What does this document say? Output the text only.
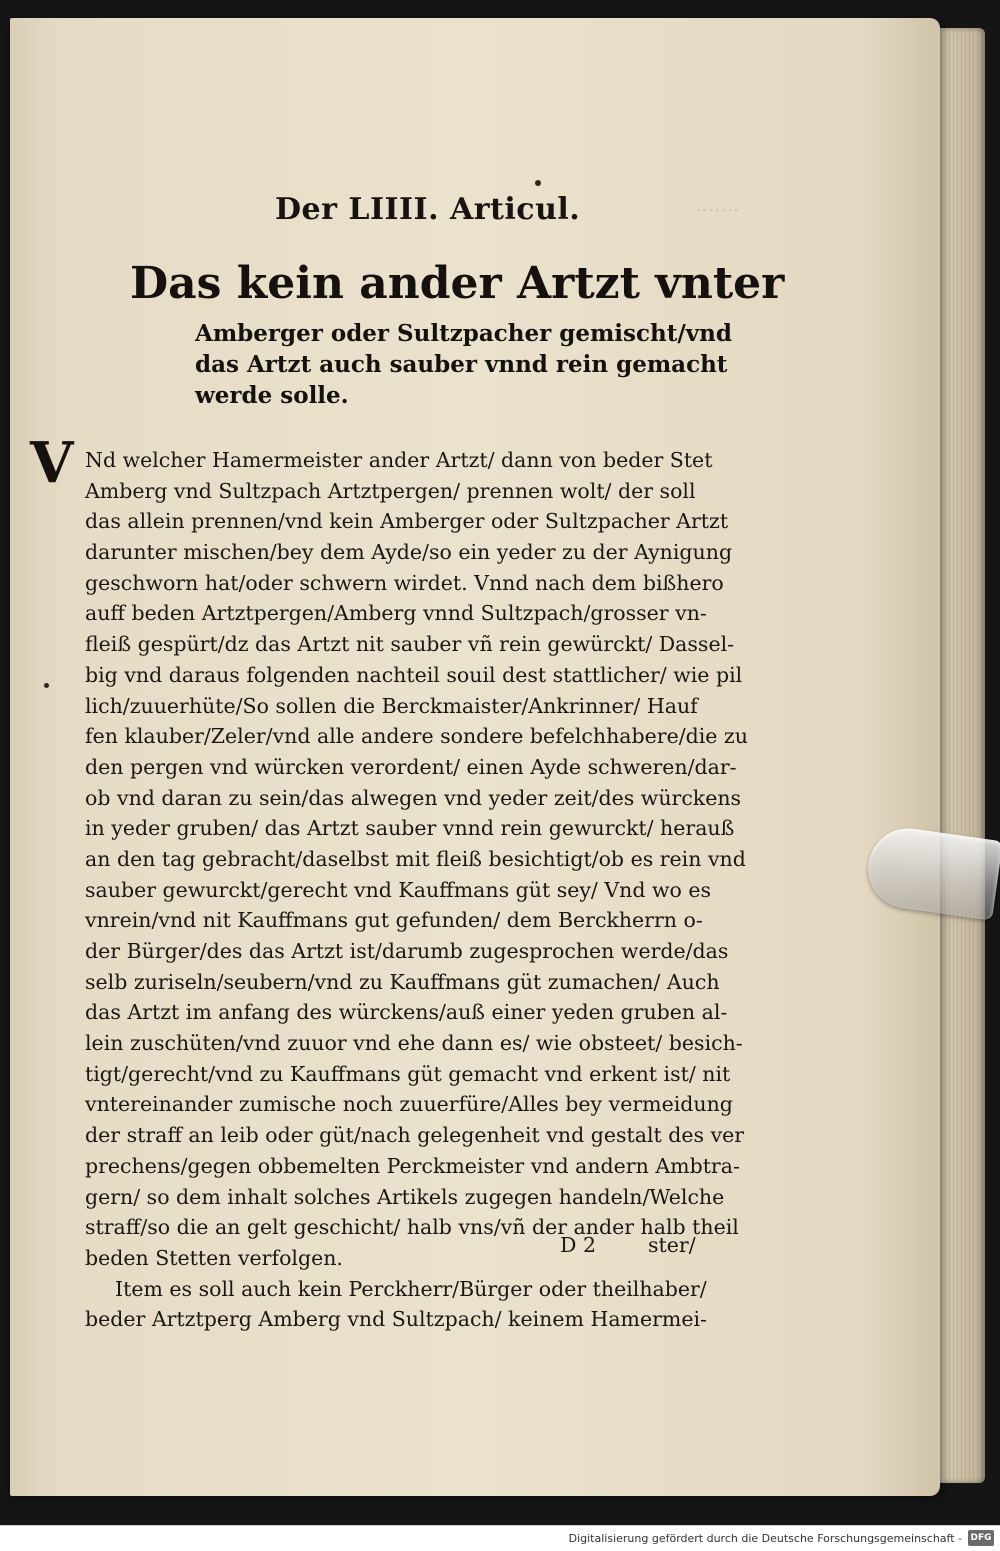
·······
Der LIIII. Articul.
Das kein ander Artzt vnter
Amberger oder Sultzpacher gemischt/vnd
das Artzt auch sauber vnnd rein gemacht
werde solle.
V Nd welcher Hamermeister ander Artzt/ dann von beder Stet
Amberg vnd Sultzpach Artztpergen/ prennen wolt/ der soll
das allein prennen/vnd kein Amberger oder Sultzpacher Artzt
darunter mischen/bey dem Ayde/so ein yeder zu der Aynigung
geschworn hat/oder schwern wirdet. Vnnd nach dem bißhero
auff beden Artztpergen/Amberg vnnd Sultzpach/grosser vn-
fleiß gespürt/dz das Artzt nit sauber vñ rein gewürckt/ Dassel-
big vnd daraus folgenden nachteil souil dest stattlicher/ wie pil
lich/zuuerhüte/So sollen die Berckmaister/Ankrinner/ Hauf
fen klauber/Zeler/vnd alle andere sondere befelchhabere/die zu
den pergen vnd würcken verordent/ einen Ayde schweren/dar-
ob vnd daran zu sein/das alwegen vnd yeder zeit/des würckens
in yeder gruben/ das Artzt sauber vnnd rein gewurckt/ herauß
an den tag gebracht/daselbst mit fleiß besichtigt/ob es rein vnd
sauber gewurckt/gerecht vnd Kauffmans güt sey/ Vnd wo es
vnrein/vnd nit Kauffmans gut gefunden/ dem Berckherrn o-
der Bürger/des das Artzt ist/darumb zugesprochen werde/das
selb zuriseln/seubern/vnd zu Kauffmans güt zumachen/ Auch
das Artzt im anfang des würckens/auß einer yeden gruben al-
lein zuschüten/vnd zuuor vnd ehe dann es/ wie obsteet/ besich-
tigt/gerecht/vnd zu Kauffmans güt gemacht vnd erkent ist/ nit
vntereinander zumische noch zuuerfüre/Alles bey vermeidung
der straff an leib oder güt/nach gelegenheit vnd gestalt des ver
prechens/gegen obbemelten Perckmeister vnd andern Ambtra-
gern/ so dem inhalt solches Artikels zugegen handeln/Welche
straff/so die an gelt geschicht/ halb vns/vñ der ander halb theil
beden Stetten verfolgen.
Item es soll auch kein Perckherr/Bürger oder theilhaber/
beder Artztperg Amberg vnd Sultzpach/ keinem Hamermei-
D 2	ster/
Digitalisierung gefördert durch die Deutsche Forschungsgemeinschaft - DFG
